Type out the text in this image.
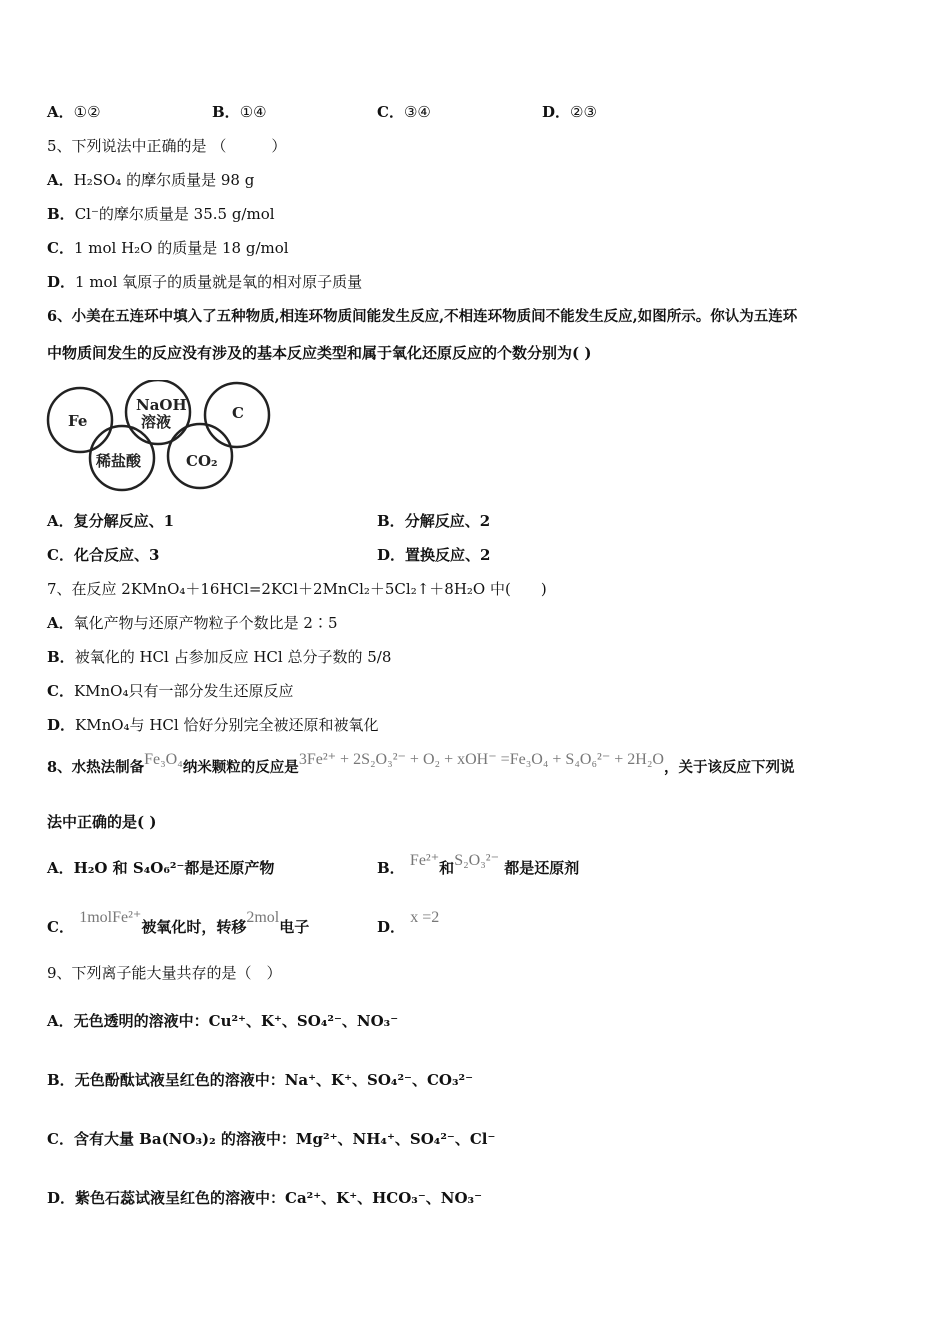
A．①②	B．①④	C．③④	D．②③
5、下列说法中正确的是 （　　　）
A．H₂SO₄ 的摩尔质量是 98 g
B．Cl⁻的摩尔质量是 35.5 g/mol
C．1 mol H₂O 的质量是 18 g/mol
D．1 mol 氧原子的质量就是氧的相对原子质量
6、小美在五连环中填入了五种物质,相连环物质间能发生反应,不相连环物质间不能发生反应,如图所示。你认为五连环
中物质间发生的反应没有涉及的基本反应类型和属于氧化还原反应的个数分别为( )
Fe
NaOH
溶液	C
稀盐酸	CO₂
A．复分解反应、1	B．分解反应、2
C．化合反应、3	D．置换反应、2
7、在反应 2KMnO₄＋16HCl=2KCl＋2MnCl₂＋5Cl₂↑＋8H₂O 中(　　)
A．氧化产物与还原产物粒子个数比是 2∶5
B．被氧化的 HCl 占参加反应 HCl 总分子数的 5/8
C．KMnO₄只有一部分发生还原反应
D．KMnO₄与 HCl 恰好分别完全被还原和被氧化
8、水热法制备Fe₃O₄纳米颗粒的反应是3Fe²⁺ + 2S₂O₃²⁻ + O₂ + xOH⁻ =Fe₃O₄ + S₄O₆²⁻ + 2H₂O，关于该反应下列说
法中正确的是( )
A．H₂O 和 S₄O₆²⁻都是还原产物	B． Fe²⁺和S₂O₃²⁻ 都是还原剂
C． 1molFe²⁺被氧化时，转移2mol电子	D． x =2
9、下列离子能大量共存的是（　）
A．无色透明的溶液中：Cu²⁺、K⁺、SO₄²⁻、NO₃⁻
B．无色酚酞试液呈红色的溶液中：Na⁺、K⁺、SO₄²⁻、CO₃²⁻
C．含有大量 Ba(NO₃)₂ 的溶液中：Mg²⁺、NH₄⁺、SO₄²⁻、Cl⁻
D．紫色石蕊试液呈红色的溶液中：Ca²⁺、K⁺、HCO₃⁻、NO₃⁻
